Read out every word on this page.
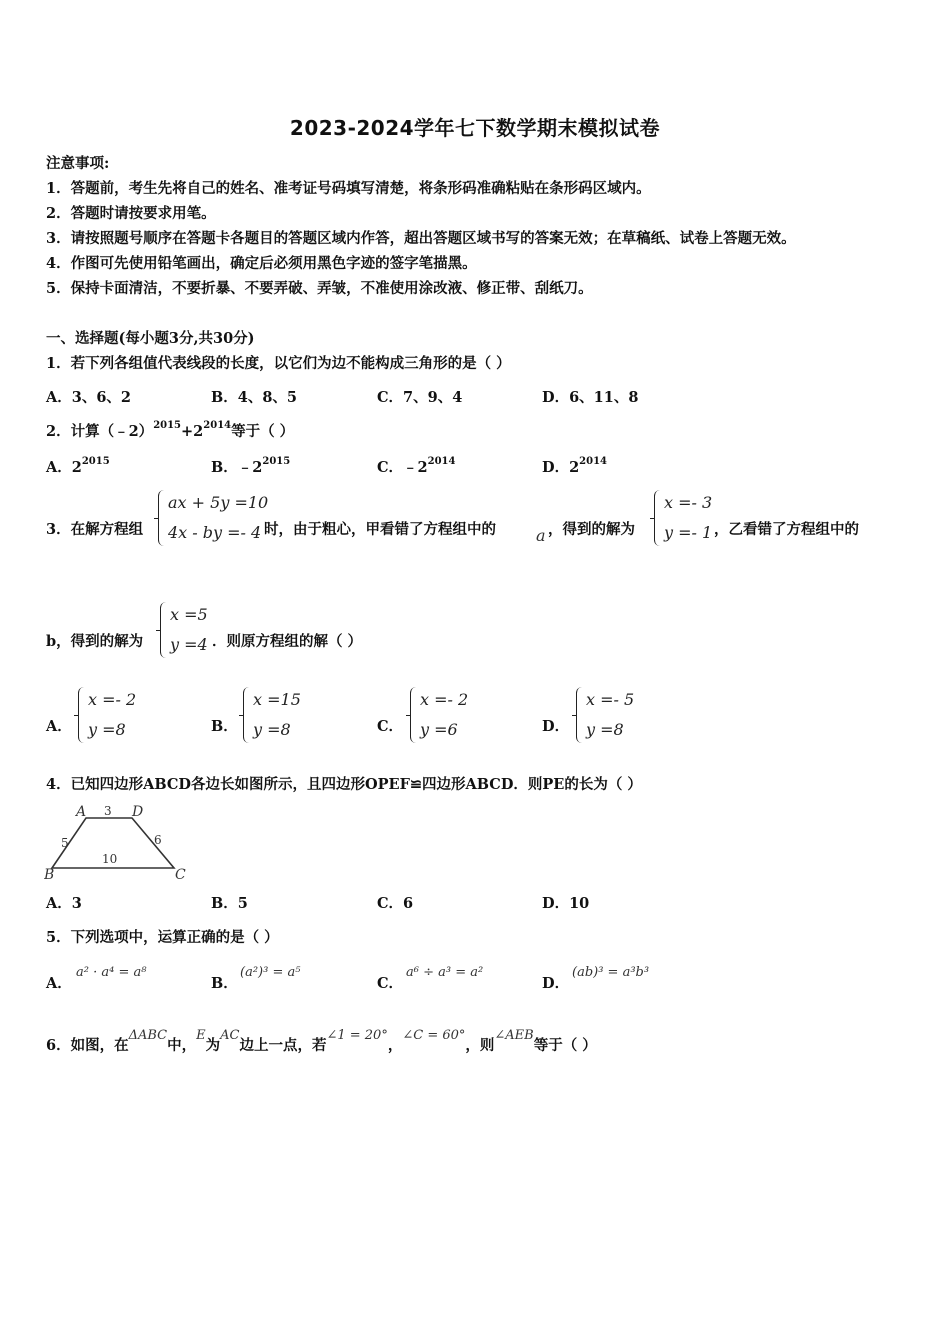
2023-2024学年七下数学期末模拟试卷
注意事项:
1．答题前，考生先将自己的姓名、准考证号码填写清楚，将条形码准确粘贴在条形码区域内。
2．答题时请按要求用笔。
3．请按照题号顺序在答题卡各题目的答题区域内作答，超出答题区域书写的答案无效；在草稿纸、试卷上答题无效。
4．作图可先使用铅笔画出，确定后必须用黑色字迹的签字笔描黑。
5．保持卡面清洁，不要折暴、不要弄破、弄皱，不准使用涂改液、修正带、刮纸刀。
一、选择题(每小题3分,共30分)
1．若下列各组值代表线段的长度，以它们为边不能构成三角形的是（ ）
A．3、6、2	B．4、8、5	C．7、9、4	D．6、11、8
2．计算$(﹣2)^{2015}+2^{2014}$等于（ ）
A．$2^{2015}$	B．$﹣2^{2015}$	C．$﹣2^{2014}$	D．$2^{2014}$
3．在解方程组
ax + 5y =10
4x - by =- 4 时，由于粗心，甲看错了方程组中的	a ，得到的解为
x =- 3
y =- 1 ，乙看错了方程组中的
b，得到的解为
x =5
y =4 ．则原方程组的解（ ）
A．
x =- 2
y =8	B．
x =15
y =8	C．
x =- 2
y =6	D．
x =- 5
y =8
4．已知四边形ABCD各边长如图所示，且四边形OPEF≌四边形ABCD．则PE的长为（ ）
A	D
B	C
3
5	6
10
A．3	B．5	C．6	D．10
5．下列选项中，运算正确的是（ ）
A．
a² · a⁴ = a⁸
B．
(a²)³ = a⁵
C．
a⁶ ÷ a³ = a²
D．
(ab)³ = a³b³
6．如图，在
ΔABC
中，
E
为
AC
边上一点，若
∠1 = 20°
，
∠C = 60°
，则
∠AEB
等于（ ）
